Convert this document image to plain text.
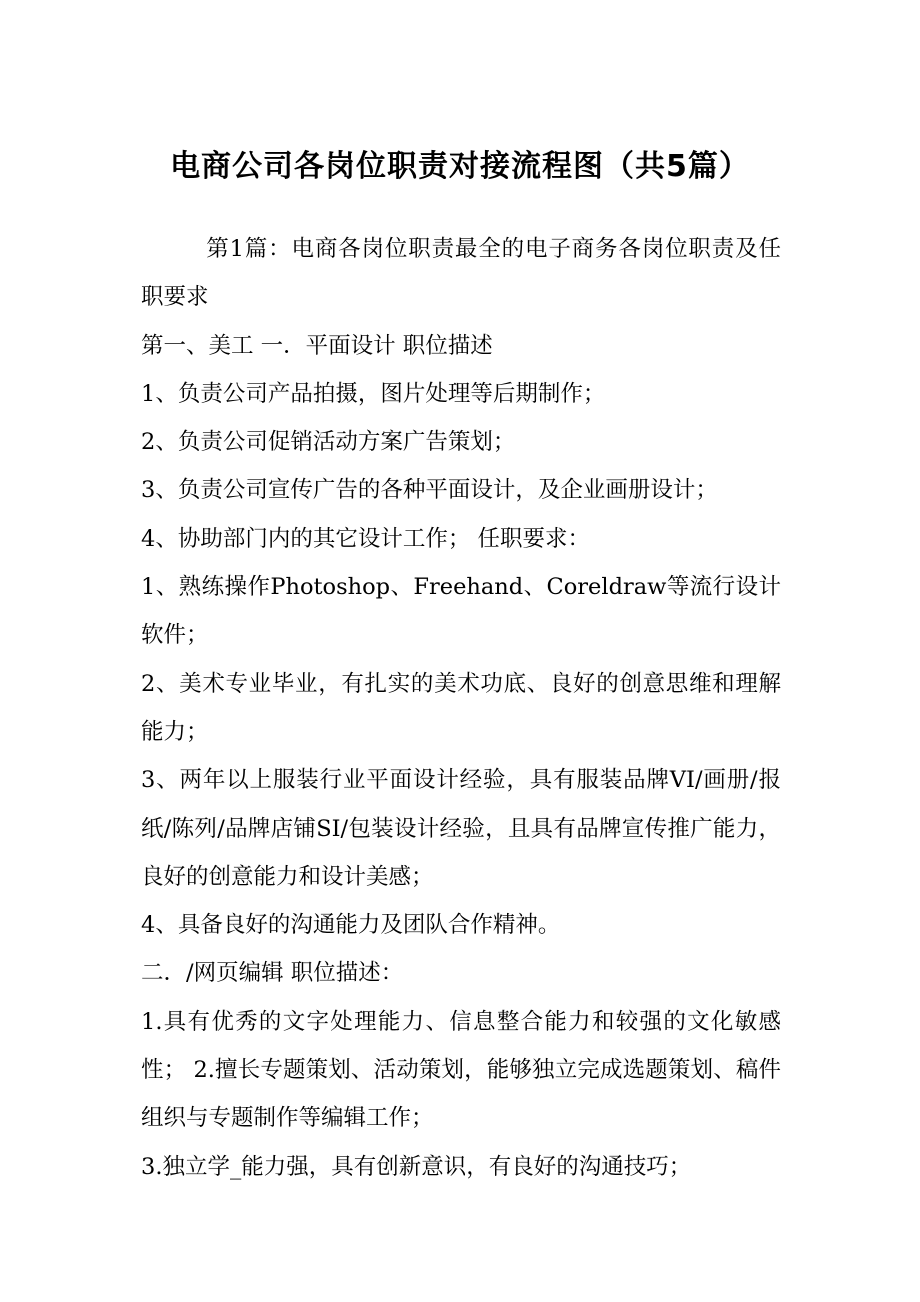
电商公司各岗位职责对接流程图（共5篇）

第1篇：电商各岗位职责最全的电子商务各岗位职责及任职要求

第一、美工 一．平面设计 职位描述

1、负责公司产品拍摄，图片处理等后期制作；

2、负责公司促销活动方案广告策划；

3、负责公司宣传广告的各种平面设计，及企业画册设计；

4、协助部门内的其它设计工作； 任职要求：

1、熟练操作Photoshop、Freehand、Coreldraw等流行设计软件；

2、美术专业毕业，有扎实的美术功底、良好的创意思维和理解能力；

3、两年以上服装行业平面设计经验，具有服装品牌VI/画册/报纸/陈列/品牌店铺SI/包装设计经验，且具有品牌宣传推广能力，良好的创意能力和设计美感；

4、具备良好的沟通能力及团队合作精神。

二．/网页编辑 职位描述：

1.具有优秀的文字处理能力、信息整合能力和较强的文化敏感性； 2.擅长专题策划、活动策划，能够独立完成选题策划、稿件组织与专题制作等编辑工作；

3.独立学_能力强，具有创新意识，有良好的沟通技巧；
